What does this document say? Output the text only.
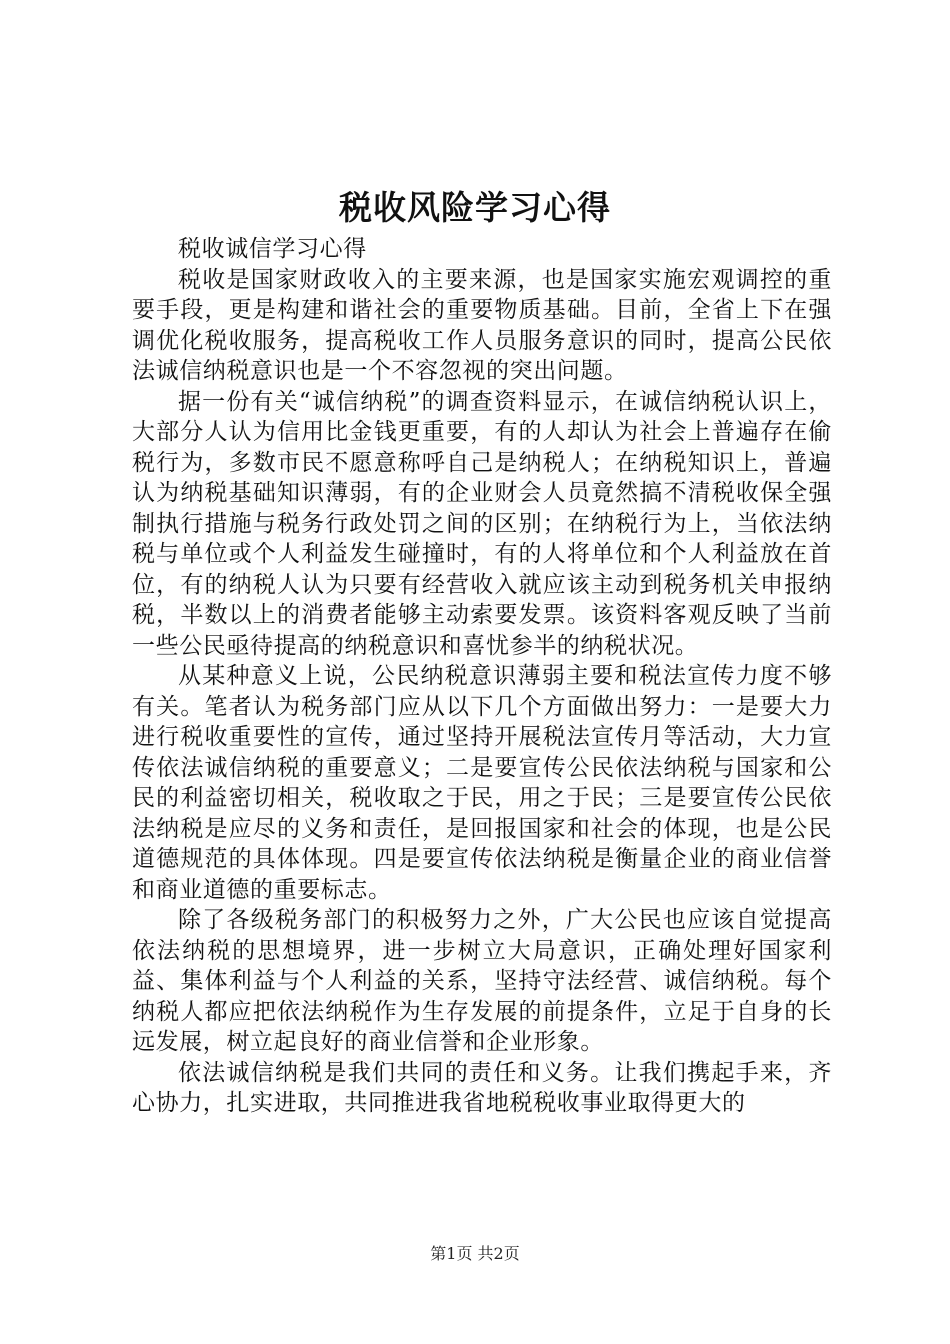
税收风险学习心得

税收诚信学习心得

税收是国家财政收入的主要来源，也是国家实施宏观调控的重要手段，更是构建和谐社会的重要物质基础。目前，全省上下在强调优化税收服务，提高税收工作人员服务意识的同时，提高公民依法诚信纳税意识也是一个不容忽视的突出问题。

据一份有关“诚信纳税”的调查资料显示，在诚信纳税认识上，大部分人认为信用比金钱更重要，有的人却认为社会上普遍存在偷税行为，多数市民不愿意称呼自己是纳税人；在纳税知识上，普遍认为纳税基础知识薄弱，有的企业财会人员竟然搞不清税收保全强制执行措施与税务行政处罚之间的区别；在纳税行为上，当依法纳税与单位或个人利益发生碰撞时，有的人将单位和个人利益放在首位，有的纳税人认为只要有经营收入就应该主动到税务机关申报纳税，半数以上的消费者能够主动索要发票。该资料客观反映了当前一些公民亟待提高的纳税意识和喜忧参半的纳税状况。

从某种意义上说，公民纳税意识薄弱主要和税法宣传力度不够有关。笔者认为税务部门应从以下几个方面做出努力：一是要大力进行税收重要性的宣传，通过坚持开展税法宣传月等活动，大力宣传依法诚信纳税的重要意义；二是要宣传公民依法纳税与国家和公民的利益密切相关，税收取之于民，用之于民；三是要宣传公民依法纳税是应尽的义务和责任，是回报国家和社会的体现，也是公民道德规范的具体体现。四是要宣传依法纳税是衡量企业的商业信誉和商业道德的重要标志。

除了各级税务部门的积极努力之外，广大公民也应该自觉提高依法纳税的思想境界，进一步树立大局意识，正确处理好国家利益、集体利益与个人利益的关系，坚持守法经营、诚信纳税。每个纳税人都应把依法纳税作为生存发展的前提条件，立足于自身的长远发展，树立起良好的商业信誉和企业形象。

依法诚信纳税是我们共同的责任和义务。让我们携起手来，齐心协力，扎实进取，共同推进我省地税税收事业取得更大的

第1页 共2页
